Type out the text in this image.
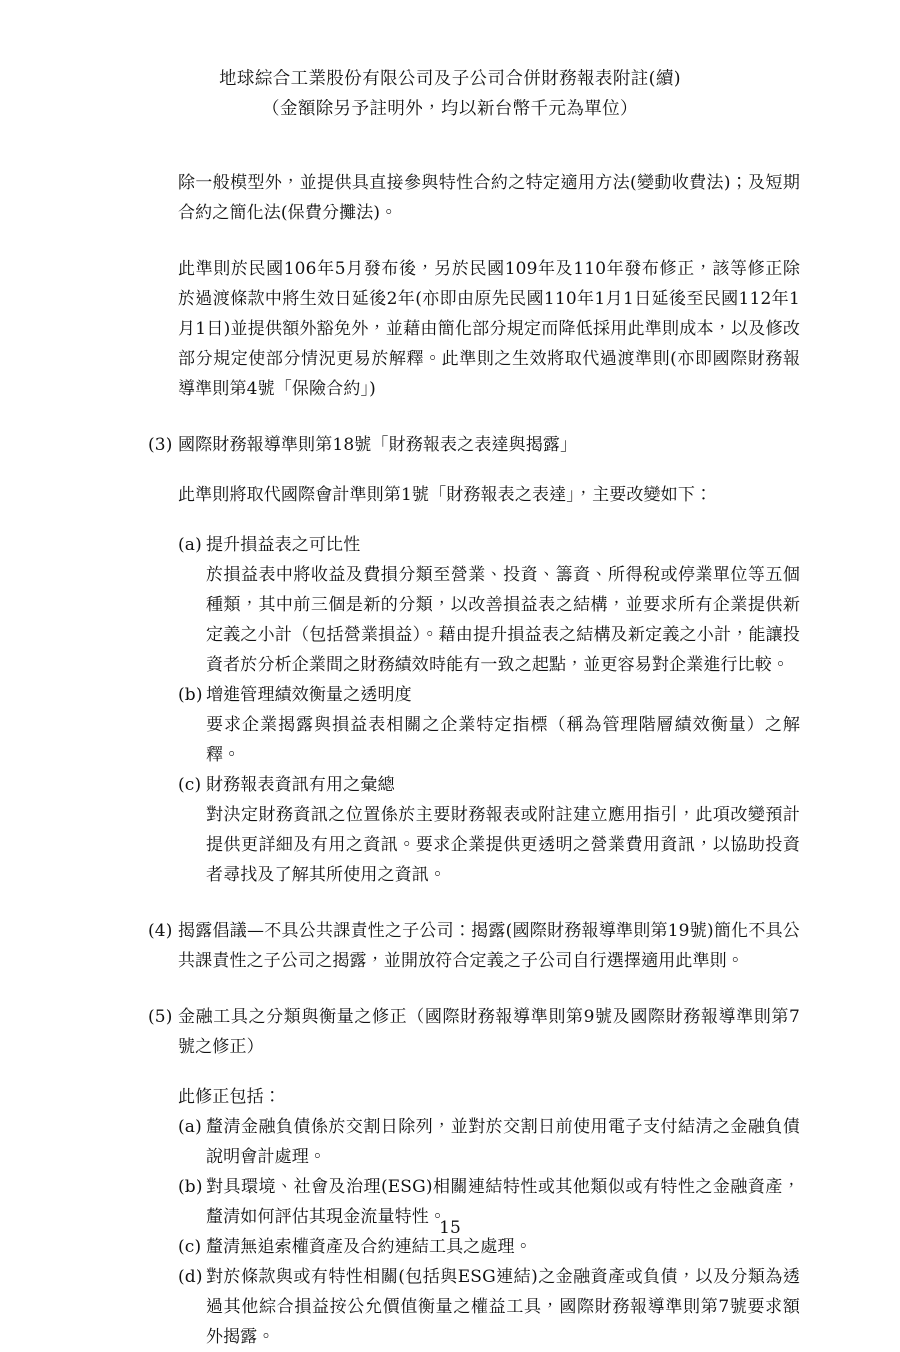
地球綜合工業股份有限公司及子公司合併財務報表附註(續)
（金額除另予註明外，均以新台幣千元為單位）

除一般模型外，並提供具直接參與特性合約之特定適用方法(變動收費法)；及短期合約之簡化法(保費分攤法)。

此準則於民國106年5月發布後，另於民國109年及110年發布修正，該等修正除於過渡條款中將生效日延後2年(亦即由原先民國110年1月1日延後至民國112年1月1日)並提供額外豁免外，並藉由簡化部分規定而降低採用此準則成本，以及修改部分規定使部分情況更易於解釋。此準則之生效將取代過渡準則(亦即國際財務報導準則第4號「保險合約」)

(3) 國際財務報導準則第18號「財務報表之表達與揭露」

此準則將取代國際會計準則第1號「財務報表之表達」，主要改變如下：

(a) 提升損益表之可比性
於損益表中將收益及費損分類至營業、投資、籌資、所得稅或停業單位等五個種類，其中前三個是新的分類，以改善損益表之結構，並要求所有企業提供新定義之小計（包括營業損益）。藉由提升損益表之結構及新定義之小計，能讓投資者於分析企業間之財務績效時能有一致之起點，並更容易對企業進行比較。
(b) 增進管理績效衡量之透明度
要求企業揭露與損益表相關之企業特定指標（稱為管理階層績效衡量）之解釋。
(c) 財務報表資訊有用之彙總
對決定財務資訊之位置係於主要財務報表或附註建立應用指引，此項改變預計提供更詳細及有用之資訊。要求企業提供更透明之營業費用資訊，以協助投資者尋找及了解其所使用之資訊。
(4) 揭露倡議—不具公共課責性之子公司：揭露(國際財務報導準則第19號)簡化不具公共課責性之子公司之揭露，並開放符合定義之子公司自行選擇適用此準則。
(5) 金融工具之分類與衡量之修正（國際財務報導準則第9號及國際財務報導準則第7號之修正）

此修正包括：

(a) 釐清金融負債係於交割日除列，並對於交割日前使用電子支付結清之金融負債說明會計處理。
(b) 對具環境、社會及治理(ESG)相關連結特性或其他類似或有特性之金融資產，釐清如何評估其現金流量特性。
(c) 釐清無追索權資產及合約連結工具之處理。
(d) 對於條款與或有特性相關(包括與ESG連結)之金融資產或負債，以及分類為透過其他綜合損益按公允價值衡量之權益工具，國際財務報導準則第7號要求額外揭露。
15
